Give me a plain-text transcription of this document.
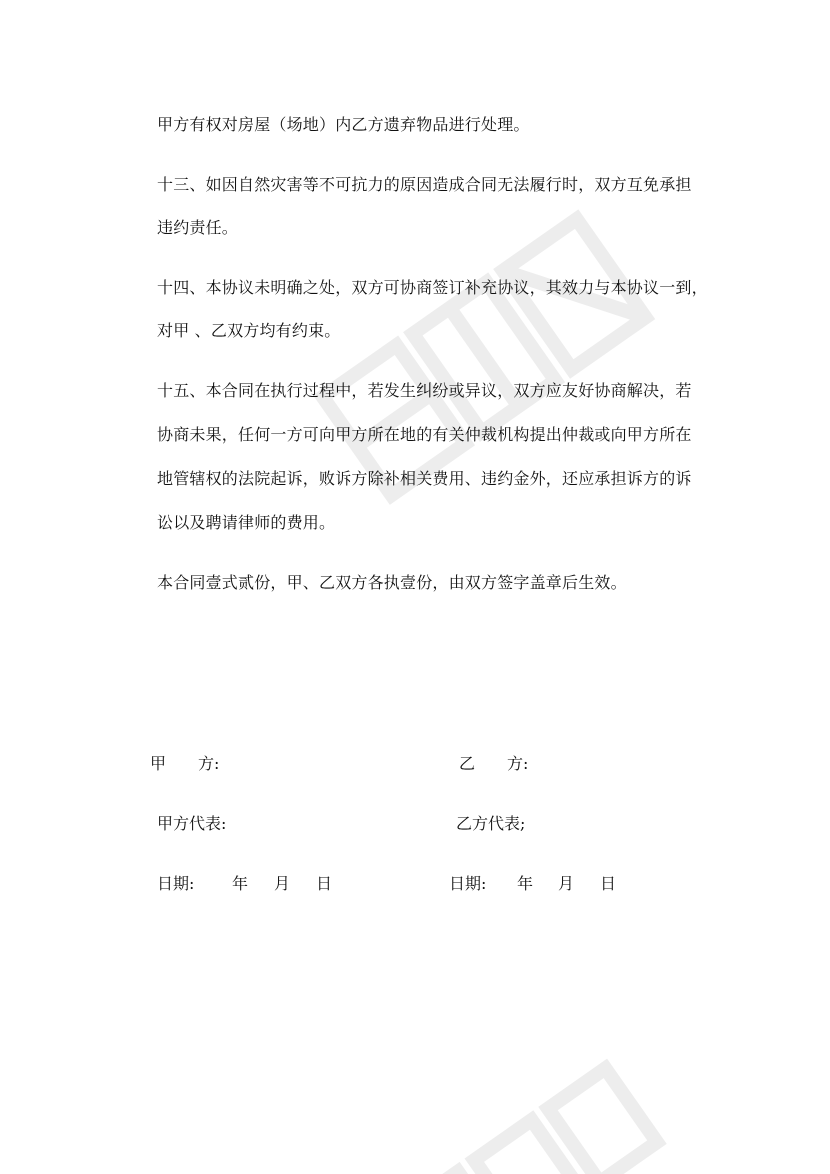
甲方有权对房屋（场地）内乙方遗弃物品进行处理。
十三、如因自然灾害等不可抗力的原因造成合同无法履行时，双方互免承担
违约责任。
十四、本协议未明确之处，双方可协商签订补充协议，其效力与本协议一到，
对甲 、乙双方均有约束。
十五、本合同在执行过程中，若发生纠纷或异议，双方应友好协商解决，若
协商未果，任何一方可向甲方所在地的有关仲裁机构提出仲裁或向甲方所在
地管辖权的法院起诉，败诉方除补相关费用、违约金外，还应承担诉方的诉
讼以及聘请律师的费用。
本合同壹式贰份，甲、乙双方各执壹份，由双方签字盖章后生效。
甲　　方:	乙　　方:
甲方代表:	乙方代表;
日期: 年 月 日	日期: 年 月 日
